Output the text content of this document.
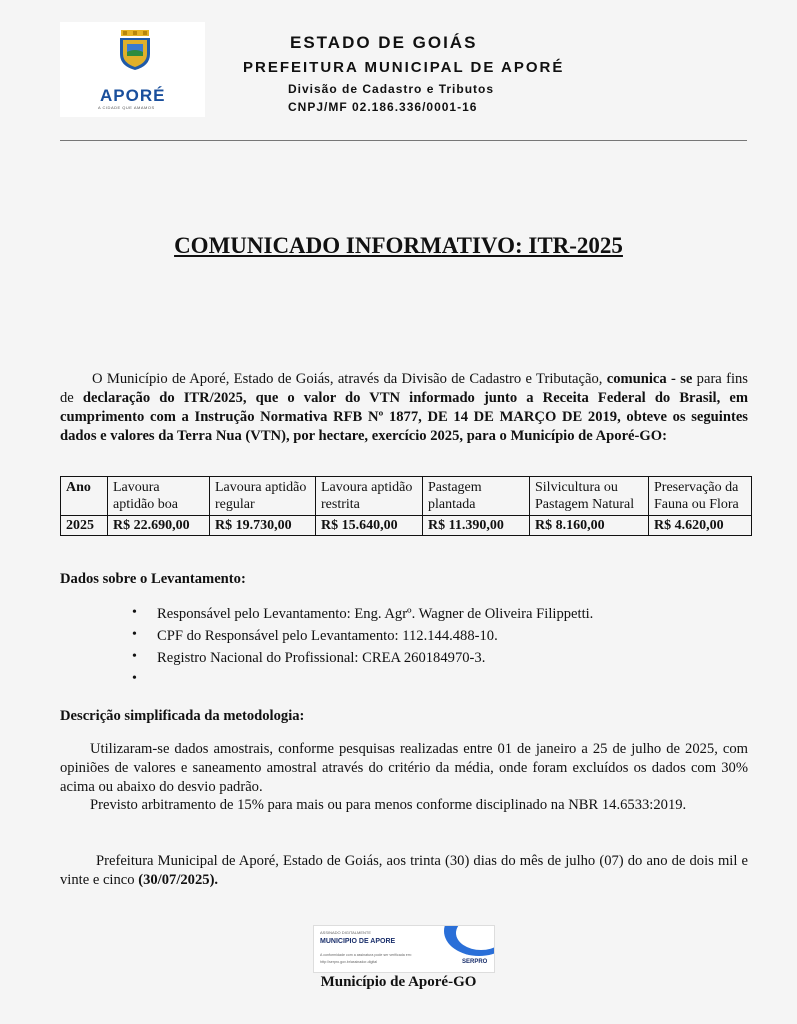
APORÉ
A CIDADE QUE AMAMOS
ESTADO DE GOIÁS
PREFEITURA MUNICIPAL DE APORÉ
Divisão de Cadastro e Tributos
CNPJ/MF 02.186.336/0001-16
COMUNICADO INFORMATIVO: ITR-2025
O Município de Aporé, Estado de Goiás, através da Divisão de Cadastro e Tributação, comunica - se para fins de declaração do ITR/2025, que o valor do VTN informado junto a Receita Federal do Brasil, em cumprimento com a Instrução Normativa RFB Nº 1877, DE 14 DE MARÇO DE 2019, obteve os seguintes dados e valores da Terra Nua (VTN), por hectare, exercício 2025, para o Município de Aporé-GO:
Ano	Lavoura aptidão boa	Lavoura aptidão regular	Lavoura aptidão restrita	Pastagem plantada	Silvicultura ou Pastagem Natural	Preservação da Fauna ou Flora
2025	R$ 22.690,00	R$ 19.730,00	R$ 15.640,00	R$ 11.390,00	R$ 8.160,00	R$ 4.620,00
Dados sobre o Levantamento:
• Responsável pelo Levantamento: Eng. Agrº. Wagner de Oliveira Filippetti.
• CPF do Responsável pelo Levantamento: 112.144.488-10.
• Registro Nacional do Profissional: CREA 260184970-3.
•
Descrição simplificada da metodologia:
Utilizaram-se dados amostrais, conforme pesquisas realizadas entre 01 de janeiro a 25 de julho de 2025, com opiniões de valores e saneamento amostral através do critério da média, onde foram excluídos os dados com 30% acima ou abaixo do desvio padrão.
Previsto arbitramento de 15% para mais ou para menos conforme disciplinado na NBR 14.6533:2019.
Prefeitura Municipal de Aporé, Estado de Goiás, aos trinta (30) dias do mês de julho (07) do ano de dois mil e vinte e cinco (30/07/2025).
ASSINADO DIGITALMENTE
MUNICIPIO DE APORE
A conformidade com a assinatura pode ser verificada em:
http://serpro.gov.br/assinador-digital	SERPRO
Município de Aporé-GO
